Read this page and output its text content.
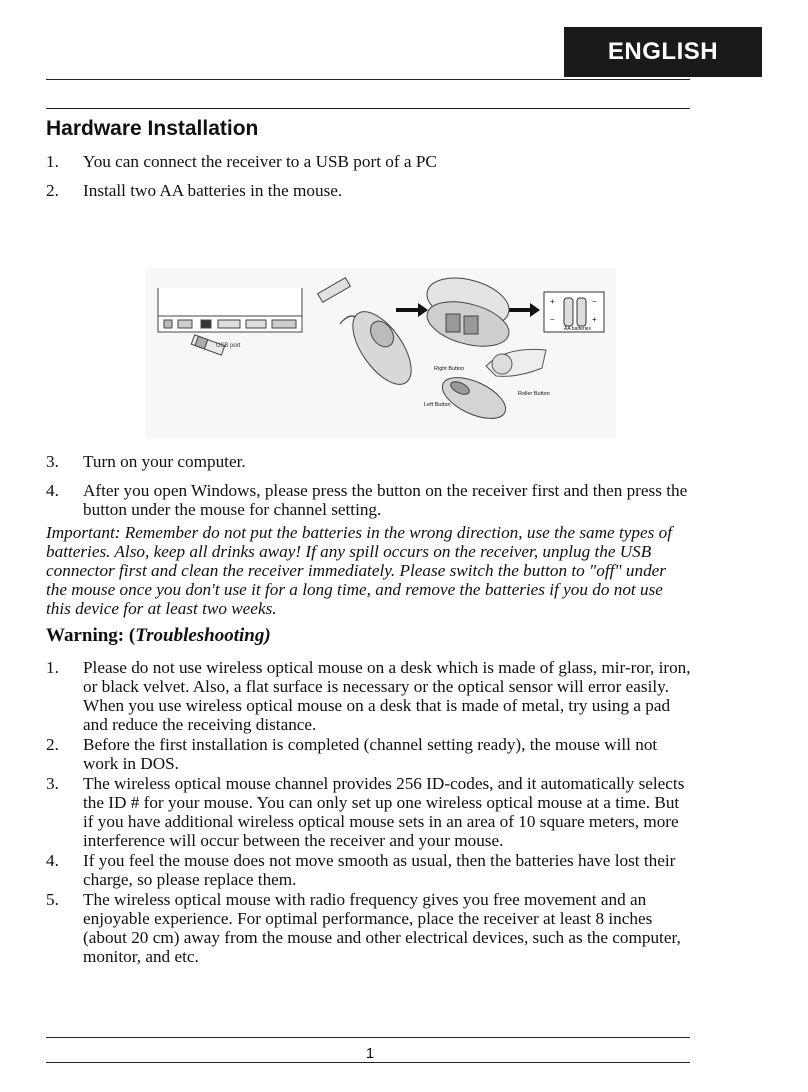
ENGLISH
Hardware Installation
1.	You can connect the receiver to a USB port of a PC
2.	Install two AA batteries in the mouse.
USB port
+	−
−	+
AA batteries
Right Button
Left Button
Roller Button
3.	Turn on your computer.
4.	After you open Windows, please press the button on the receiver first and then press the button under the mouse for channel setting.
Important: Remember do not put the batteries in the wrong direction, use the same types of batteries. Also, keep all drinks away! If any spill occurs on the receiver, unplug the USB connector first and clean the receiver immediately. Please switch the button to "off" under the mouse once you don't use it for a long time, and remove the batteries if you do not use this device for at least two weeks.
Warning: (Troubleshooting)
1.	Please do not use wireless optical mouse on a desk which is made of glass, mir-ror, iron, or black velvet. Also, a flat surface is necessary or the optical sensor will error easily. When you use wireless optical mouse on a desk that is made of metal, try using a pad and reduce the receiving distance.
2.	Before the first installation is completed (channel setting ready), the mouse will not work in DOS.
3.	The wireless optical mouse channel provides 256 ID-codes, and it automatically selects the ID # for your mouse. You can only set up one wireless optical mouse at a time. But if you have additional wireless optical mouse sets in an area of 10 square meters, more interference will occur between the receiver and your mouse.
4.	If you feel the mouse does not move smooth as usual, then the batteries have lost their charge, so please replace them.
5.	The wireless optical mouse with radio frequency gives you free movement and an enjoyable experience. For optimal performance, place the receiver at least 8 inches (about 20 cm) away from the mouse and other electrical devices, such as the computer, monitor, and etc.
1
